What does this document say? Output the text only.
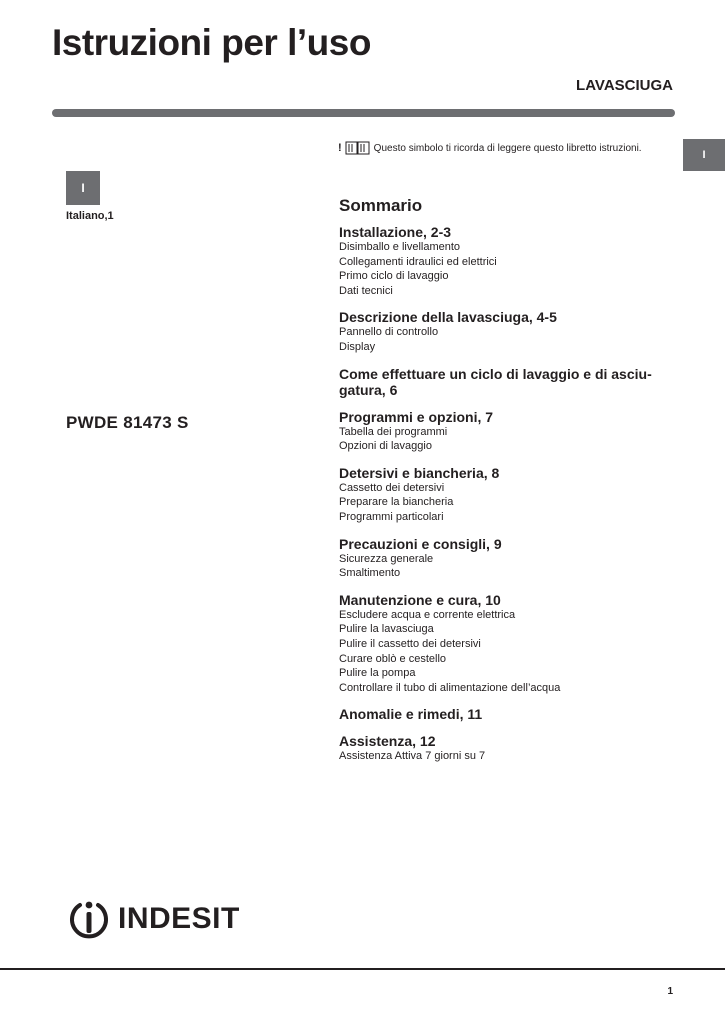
Istruzioni per l’uso
LAVASCIUGA
I
I
Italiano,1
PWDE 81473 S
!	Questo simbolo ti ricorda di leggere questo libretto istruzioni.
Sommario
Installazione, 2-3
Disimballo e livellamento
Collegamenti idraulici ed elettrici
Primo ciclo di lavaggio
Dati tecnici
Descrizione della lavasciuga, 4-5
Pannello di controllo
Display
Come effettuare un ciclo di lavaggio e di asciu-gatura, 6
Programmi e opzioni, 7
Tabella dei programmi
Opzioni di lavaggio
Detersivi e biancheria, 8
Cassetto dei detersivi
Preparare la biancheria
Programmi particolari
Precauzioni e consigli, 9
Sicurezza generale
Smaltimento
Manutenzione e cura, 10
Escludere acqua e corrente elettrica
Pulire la lavasciuga
Pulire il cassetto dei detersivi
Curare oblò e cestello
Pulire la pompa
Controllare il tubo di alimentazione dell’acqua
Anomalie e rimedi, 11
Assistenza, 12
Assistenza Attiva 7 giorni su 7
INDESIT
1
